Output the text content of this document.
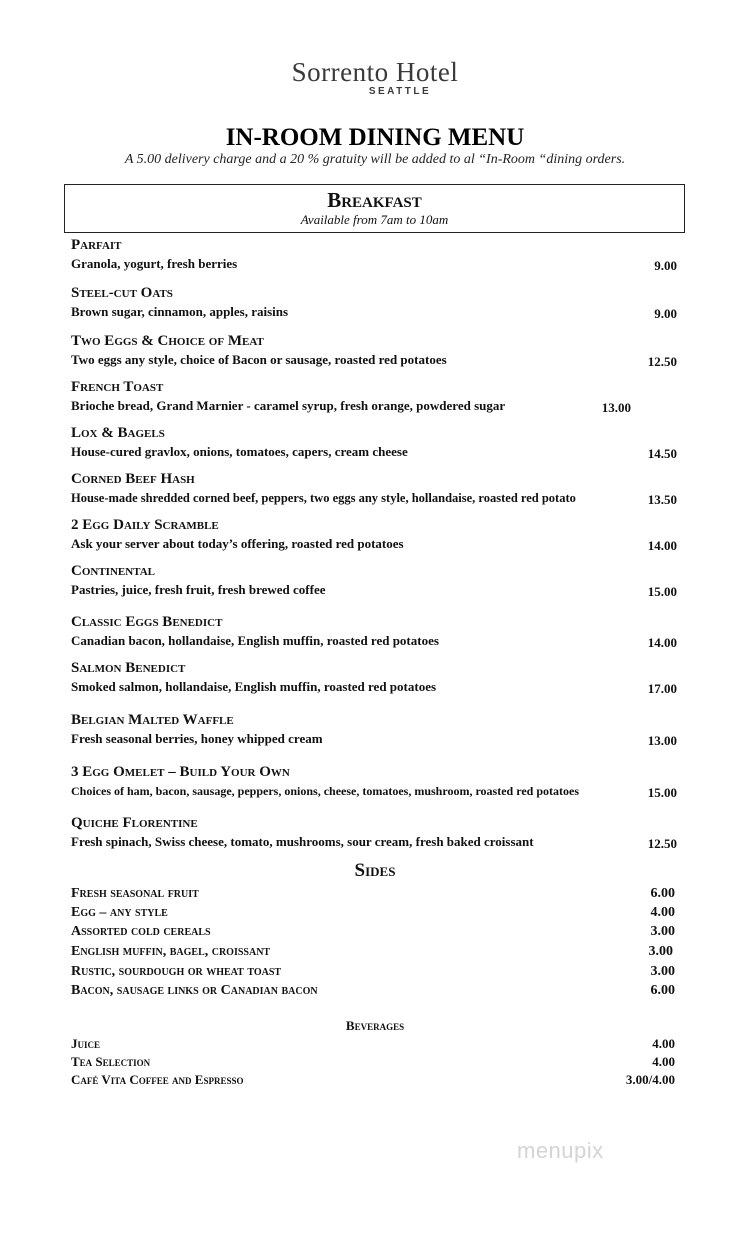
Sorrento Hotel
SEATTLE
IN-ROOM DINING MENU
A 5.00 delivery charge and a 20 % gratuity will be added to al “In-Room “dining orders.
Breakfast
Available from 7am to 10am
Parfait
Granola, yogurt, fresh berries	9.00
Steel-cut Oats
Brown sugar, cinnamon, apples, raisins	9.00
Two Eggs & Choice of Meat
Two eggs any style, choice of Bacon or sausage, roasted red potatoes	12.50
French Toast
Brioche bread, Grand Marnier - caramel syrup, fresh orange, powdered sugar	13.00
Lox & Bagels
House-cured gravlox, onions, tomatoes, capers, cream cheese	14.50
Corned Beef Hash
House-made shredded corned beef, peppers, two eggs any style, hollandaise, roasted red potato	13.50
2 Egg Daily Scramble
Ask your server about today’s offering, roasted red potatoes	14.00
Continental
Pastries, juice, fresh fruit, fresh brewed coffee	15.00
Classic Eggs Benedict
Canadian bacon, hollandaise, English muffin, roasted red potatoes	14.00
Salmon Benedict
Smoked salmon, hollandaise, English muffin, roasted red potatoes	17.00
Belgian Malted Waffle
Fresh seasonal berries, honey whipped cream	13.00
3 Egg Omelet – Build Your Own
Choices of ham, bacon, sausage, peppers, onions, cheese, tomatoes, mushroom, roasted red potatoes	15.00
Quiche Florentine
Fresh spinach, Swiss cheese, tomato, mushrooms, sour cream, fresh baked croissant	12.50
Sides
Fresh seasonal fruit	6.00
Egg – any style	4.00
Assorted cold cereals	3.00
English muffin, bagel, croissant	3.00
Rustic, sourdough or wheat toast	3.00
Bacon, sausage links or Canadian bacon	6.00
Beverages
Juice	4.00
Tea Selection	4.00
Café Vita Coffee and Espresso	3.00/4.00
menupix
